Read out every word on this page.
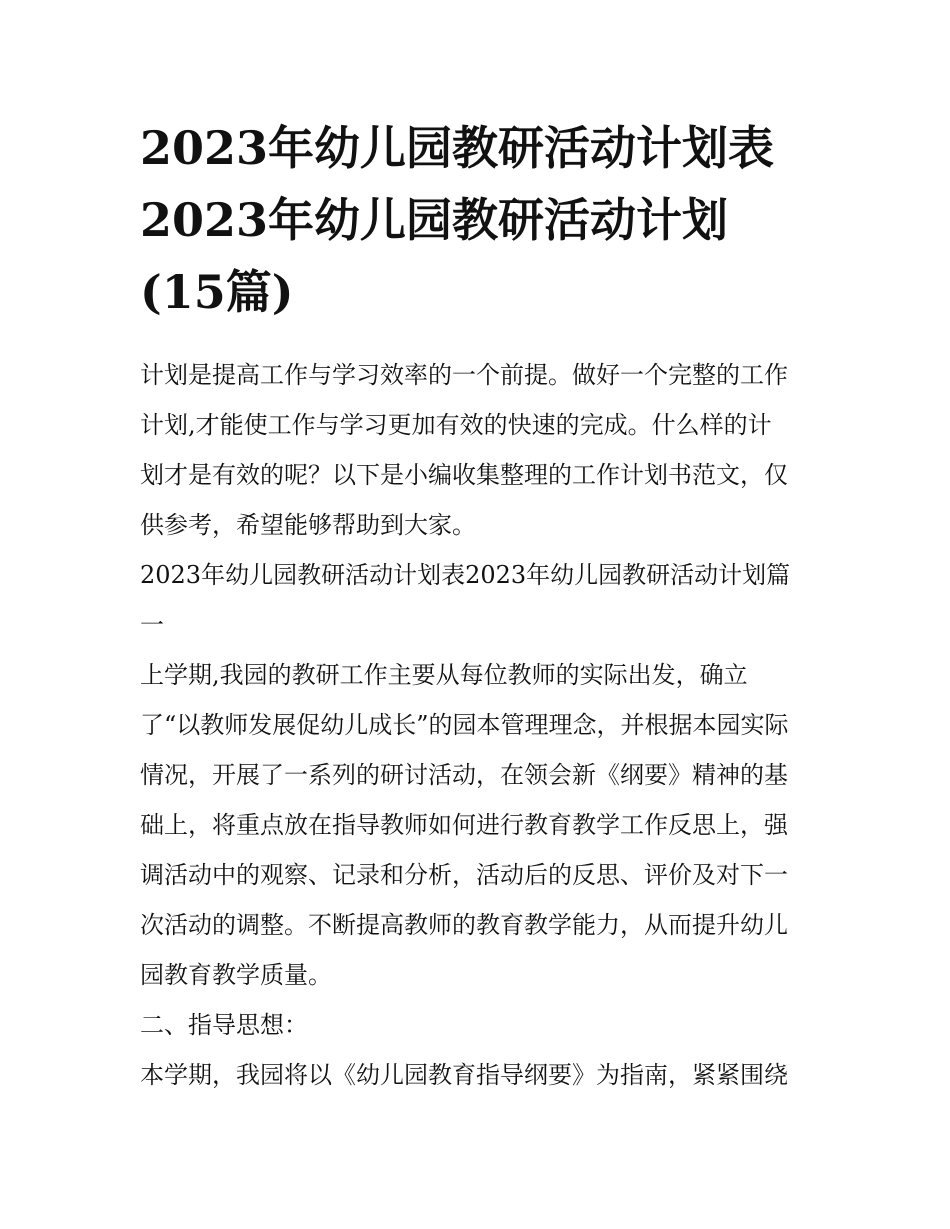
2023年幼儿园教研活动计划表
2023年幼儿园教研活动计划
(15篇)

计划是提高工作与学习效率的一个前提。做好一个完整的工作
计划,才能使工作与学习更加有效的快速的完成。什么样的计
划才是有效的呢？以下是小编收集整理的工作计划书范文，仅
供参考，希望能够帮助到大家。

2023年幼儿园教研活动计划表2023年幼儿园教研活动计划篇
一

上学期,我园的教研工作主要从每位教师的实际出发，确立
了“以教师发展促幼儿成长”的园本管理理念，并根据本园实际
情况，开展了一系列的研讨活动，在领会新《纲要》精神的基
础上，将重点放在指导教师如何进行教育教学工作反思上，强
调活动中的观察、记录和分析，活动后的反思、评价及对下一
次活动的调整。不断提高教师的教育教学能力，从而提升幼儿
园教育教学质量。

二、指导思想：

本学期，我园将以《幼儿园教育指导纲要》为指南，紧紧围绕
